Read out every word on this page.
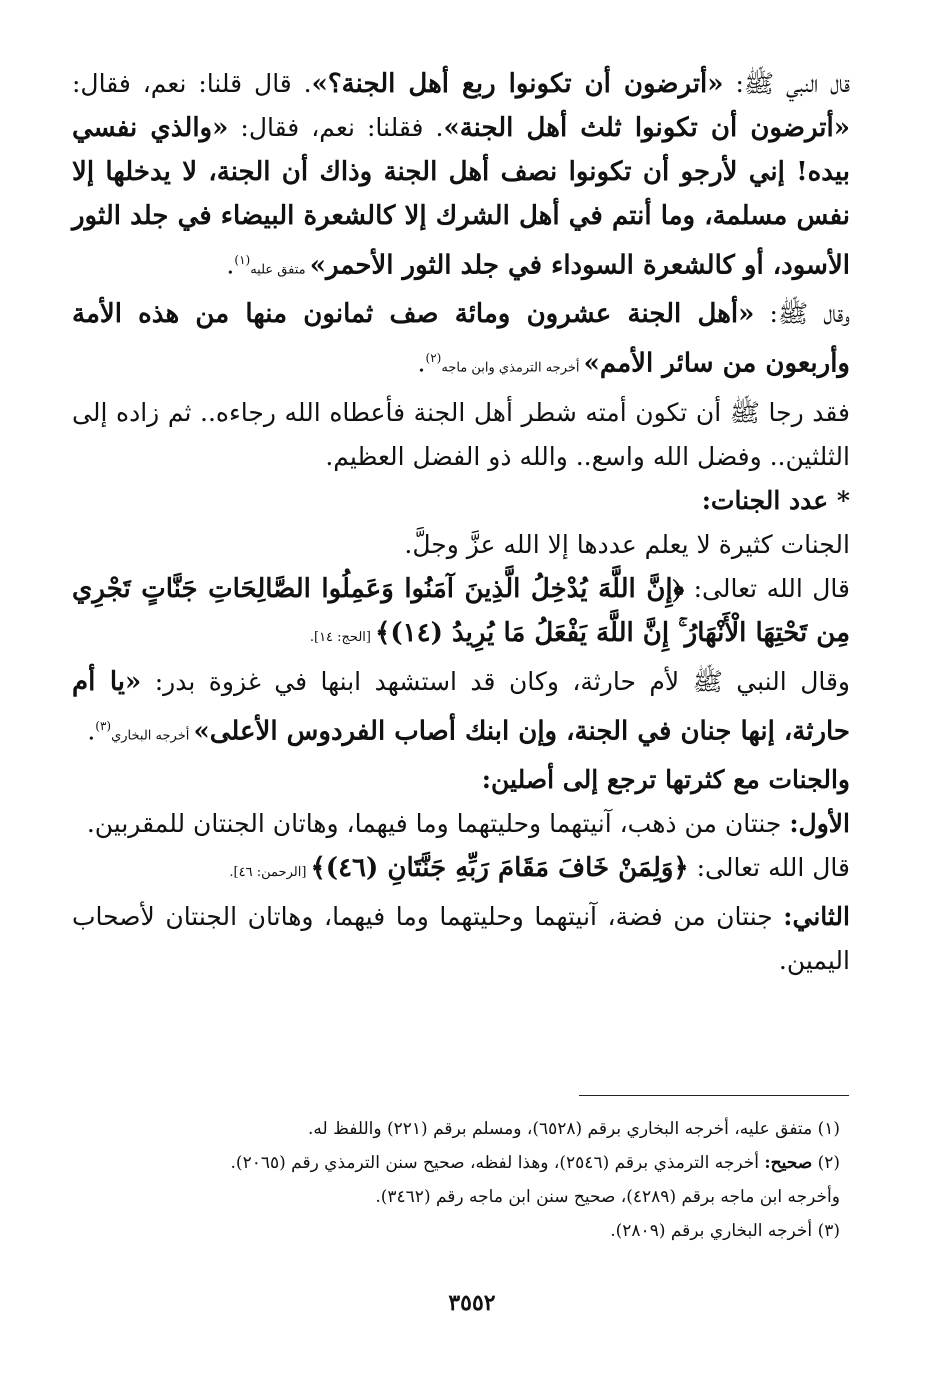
قال النبي ﷺ: «أترضون أن تكونوا ربع أهل الجنة؟». قال قلنا: نعم، فقال: «أترضون أن تكونوا ثلث أهل الجنة». فقلنا: نعم، فقال: «والذي نفسي بيده! إني لأرجو أن تكونوا نصف أهل الجنة وذاك أن الجنة، لا يدخلها إلا نفس مسلمة، وما أنتم في أهل الشرك إلا كالشعرة البيضاء في جلد الثور الأسود، أو كالشعرة السوداء في جلد الثور الأحمر» متفق عليه$^{(١)}$.

وقال ﷺ: «أهل الجنة عشرون ومائة صف ثمانون منها من هذه الأمة وأربعون من سائر الأمم» أخرجه الترمذي وابن ماجه$^{(٢)}$.

فقد رجا ﷺ أن تكون أمته شطر أهل الجنة فأعطاه الله رجاءه.. ثم زاده إلى الثلثين.. وفضل الله واسع.. والله ذو الفضل العظيم.

* عدد الجنات:

الجنات كثيرة لا يعلم عددها إلا الله عزَّ وجلَّ.

قال الله تعالى: ﴿إِنَّ اللَّهَ يُدْخِلُ الَّذِينَ آمَنُوا وَعَمِلُوا الصَّالِحَاتِ جَنَّاتٍ تَجْرِي مِن تَحْتِهَا الْأَنْهَارُ ۚ إِنَّ اللَّهَ يَفْعَلُ مَا يُرِيدُ (١٤)﴾ [الحج: ١٤].

وقال النبي ﷺ لأم حارثة، وكان قد استشهد ابنها في غزوة بدر: «يا أم حارثة، إنها جنان في الجنة، وإن ابنك أصاب الفردوس الأعلى» أخرجه البخاري$^{(٣)}$.

والجنات مع كثرتها ترجع إلى أصلين:

الأول: جنتان من ذهب، آنيتهما وحليتهما وما فيهما، وهاتان الجنتان للمقربين.

قال الله تعالى: ﴿وَلِمَنْ خَافَ مَقَامَ رَبِّهِ جَنَّتَانِ (٤٦)﴾ [الرحمن: ٤٦].

الثاني: جنتان من فضة، آنيتهما وحليتهما وما فيهما، وهاتان الجنتان لأصحاب اليمين.

(١) متفق عليه، أخرجه البخاري برقم (٦٥٢٨)، ومسلم برقم (٢٢١) واللفظ له.

(٢) صحيح: أخرجه الترمذي برقم (٢٥٤٦)، وهذا لفظه، صحيح سنن الترمذي رقم (٢٠٦٥).

وأخرجه ابن ماجه برقم (٤٢٨٩)، صحيح سنن ابن ماجه رقم (٣٤٦٢).

(٣) أخرجه البخاري برقم (٢٨٠٩).

٣٥٥٢
